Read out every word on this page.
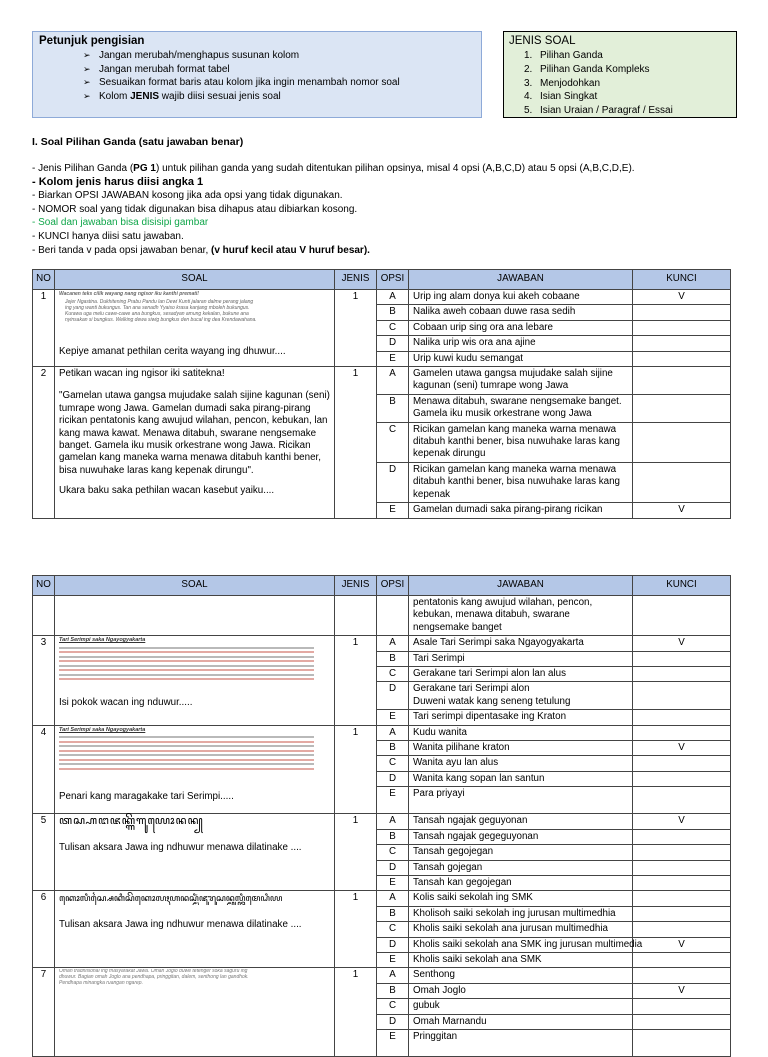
Petunjuk pengisian
➢ Jangan merubah/menghapus susunan kolom
➢ Jangan merubah format tabel
➢ Sesuaikan format baris atau kolom jika ingin menambah nomor soal
➢ Kolom JENIS wajib diisi sesuai jenis soal
JENIS SOAL
1. Pilihan Ganda
2. Pilihan Ganda Kompleks
3. Menjodohkan
4. Isian Singkat
5. Isian Uraian / Paragraf / Essai
I. Soal Pilihan Ganda (satu jawaban benar)
- Jenis Pilihan Ganda (PG 1) untuk pilihan ganda yang sudah ditentukan pilihan opsinya, misal 4 opsi (A,B,C,D) atau 5 opsi (A,B,C,D,E).
- Kolom jenis harus diisi angka 1
- Biarkan OPSI JAWABAN kosong jika ada opsi yang tidak digunakan.
- NOMOR soal yang tidak digunakan bisa dihapus atau dibiarkan kosong.
- Soal dan jawaban bisa disisipi gambar
- KUNCI hanya diisi satu jawaban.
- Beri tanda v pada opsi jawaban benar, (v huruf kecil atau V huruf besar).
NO	SOAL	JENIS	OPSI	JAWABAN	KUNCI
1	Wacanen teks cilik wayang nang ngisor iku kanthi premati!
Jejer Ngastina. Dukhitening Prabu Pandu lan Dewi Kunti jalaran dalme perang jalang ing yang wanti bukungus. Tan ana senadh Yyaiso krasa kanjang mboleh bukungus. Kurawa uga melu cawe-cawe ana bungkus, sesadyan amung kekalan, bukune ana nyinsakan si bungkus. Welking dewa siwig bungkus den bucal ing dea Krendawahana.
Kepiye amanat pethilan cerita wayang ing dhuwur....	1	A	Urip ing alam donya kui akeh cobaane	V
			B	Nalika aweh cobaan duwe rasa sedih	
			C	Cobaan urip sing ora ana lebare	
			D	Nalika urip wis ora ana ajine	
			E	Urip kuwi kudu semangat	
2	Petikan wacan ing ngisor iki satitekna!
"Gamelan utawa gangsa mujudake salah sijine kagunan (seni) tumrape wong Jawa. Gamelan dumadi saka pirang-pirang ricikan pentatonis kang awujud wilahan, pencon, kebukan, lan kang mawa kawat. Menawa ditabuh, swarane nengsemake banget. Gamela iku musik orkestrane wong Jawa. Ricikan gamelan kang maneka warna menawa ditabuh kanthi bener, bisa nuwuhake laras kang kepenak dirungu".
Ukara baku saka pethilan wacan kasebut yaiku....	1	A	Gamelen utawa gangsa mujudake salah sijine kagunan (seni) tumrape wong Jawa	
			B	Menawa ditabuh, swarane nengsemake banget. Gamela iku musik orkestrane wong Jawa	
			C	Ricikan gamelan kang maneka warna menawa ditabuh kanthi bener, bisa nuwuhake laras kang kepenak dirungu	
			D	Ricikan gamelan kang maneka warna menawa ditabuh kanthi bener, bisa nuwuhake laras kang kepenak	
			E	Gamelan dumadi saka pirang-pirang ricikan	V
NO	SOAL	JENIS	OPSI	JAWABAN	KUNCI
				pentatonis kang awujud wilahan, pencon, kebukan, menawa ditabuh, swarane nengsemake banget	
3	Tari Serimpi saka Ngayogyakarta
Isi pokok wacan ing nduwur.....	1	A	Asale Tari Serimpi saka Ngayogyakarta	V
			B	Tari Serimpi	
			C	Gerakane tari Serimpi alon lan alus	
			D	Gerakane tari Serimpi alon
Duweni watak kang seneng tetulung	
			E	Tari serimpi dipentasake ing Kraton	
4	Tari Serimpi saka Ngayogyakarta
Penari kang maragakake tari Serimpi.....	1	A	Kudu wanita	
			B	Wanita pilihane kraton	V
			C	Wanita ayu lan alus	
			D	Wanita kang sopan lan santun	
			E	Para priyayi	
5	ꦠꦱ꧀ꦲꦔꦗꦏ꧀ꦒꦼꦒꦸꦪꦺꦴꦤꦤ꧀
Tulisan aksara Jawa ing ndhuwur menawa dilatinake ....	1	A	Tansah ngajak geguyonan	V
			B	Tansah ngajak gegeguyonan	
			C	Tansah gegojegan	
			D	Tansah gojegan	
			E	Tansah kan gegojegan	
6	ꦏꦺꦴꦭꦶꦱ꧀ꦱꦻꦏꦶꦱꦼꦏꦺꦴꦭꦃꦲꦤꦱ꧀ꦩ꧀ꦏꦶꦁꦗꦸꦫꦸꦱꦤ꧀ꦩꦸꦭ꧀ꦠꦶꦩꦺꦝꦶꦪ
Tulisan aksara Jawa ing ndhuwur menawa dilatinake ....	1	A	Kolis saiki sekolah ing SMK	
			B	Kholisoh saiki sekolah ing jurusan multimedhia	
			C	Kholis saiki sekolah ana jurusan multimedhia	
			D	Kholis saiki sekolah ana SMK ing jurusan multimedia	V
			E	Kholis saiki sekolah ana SMK	
7	Omah tradhisional ing masyarakat Jawa. Omah Joglo duwe tetenger soka saguru ing dhuwur. Bagian omah Joglo ana pendhapa, pringgitan, dalem, senthong lan gandhok. Pendhapa minangka ruangan ngarep.	1	A	Senthong	
			B	Omah Joglo	V
			C	gubuk	
			D	Omah Marnandu	
			E	Pringgitan	
